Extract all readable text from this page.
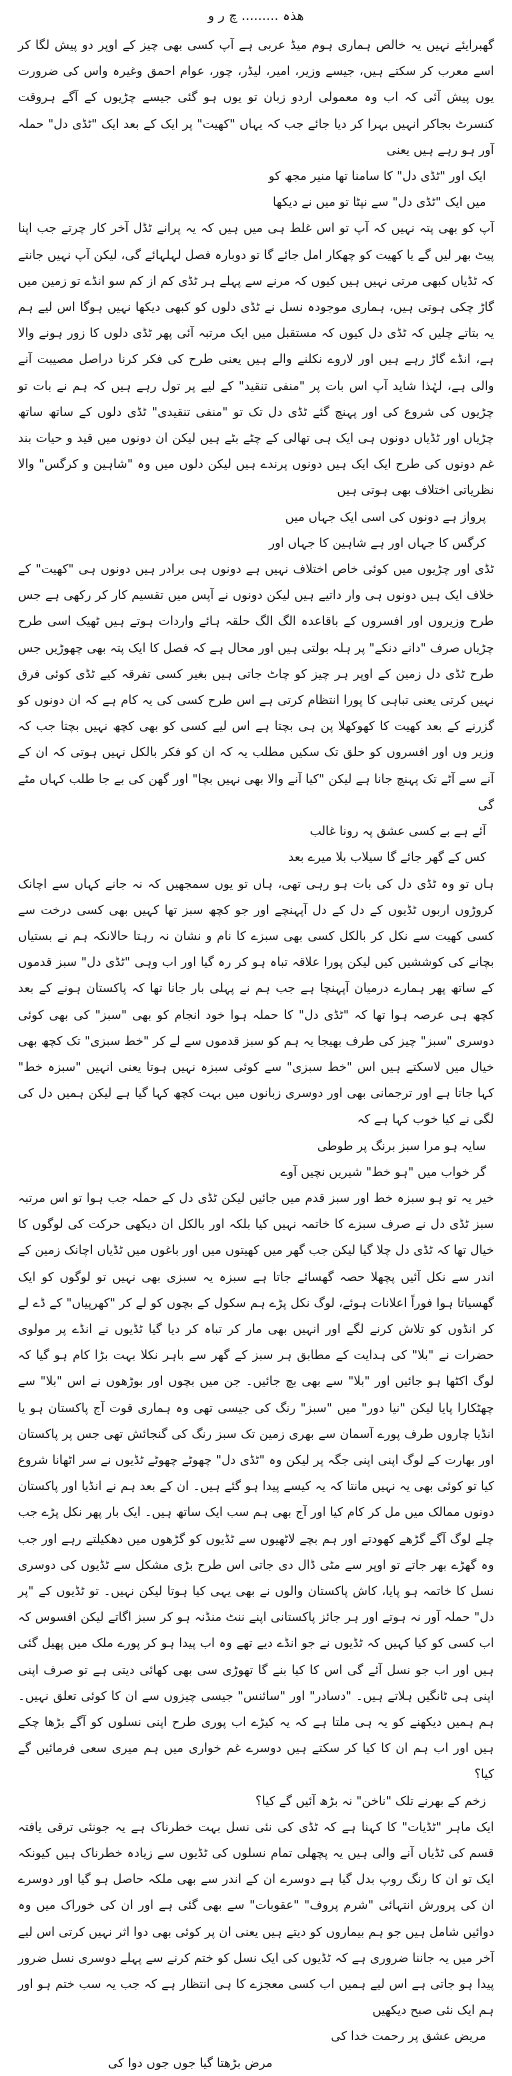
ھذہ ......... چ ر و
گھبرایئے نہیں یہ خالص ہماری ہوم میڈ عربی ہے آپ کسی بھی چیز کے اوپر دو پیش لگا کر اسے معرب کر سکتے ہیں، جیسے وزیر، امیر، لیڈر، چور، عوام احمق وغیرہ واس کی ضرورت یوں پیش آئی کہ اب وہ معمولی اردو زبان تو یوں ہو گئی جیسے چڑیوں کے آگے ہروقت کنسرٹ بجاکر انہیں بہرا کر دیا جائے جب کہ یہاں "کھیت" پر ایک کے بعد ایک "ٹڈی دل" حملہ آور ہو رہے ہیں یعنی
ایک اور "ٹڈی دل" کا سامنا تھا منیر مجھ کو
میں ایک "ٹڈی دل" سے نپٹا تو میں نے دیکھا
آپ کو بھی پتہ نہیں کہ آپ تو اس غلط ہی میں ہیں کہ یہ پرانے ٹڈل آخر کار چرتے جب اپنا پیٹ بھر لیں گے یا کھیت کو چھکار امل جائے گا تو دوبارہ فصل لہلہائے گی، لیکن آپ نہیں جانتے کہ ٹڈیاں کبھی مرتی نہیں ہیں کیوں کہ مرنے سے پہلے ہر ٹڈی کم از کم سو انڈے تو زمین میں گاڑ چکی ہوتی ہیں، ہماری موجودہ نسل نے ٹڈی دلوں کو کبھی دیکھا نہیں ہوگا اس لیے ہم یہ بتاتے چلیں کہ ٹڈی دل کیوں کہ مستقبل میں ایک مرتبہ آئی پھر ٹڈی دلوں کا زور ہونے والا ہے، انڈے گاڑ رہے ہیں اور لاروے نکلنے والے ہیں یعنی طرح کی فکر کرنا دراصل مصیبت آنے والی ہے، لہٰذا شاید آپ اس بات پر "منفی تنقید" کے لیے پر تول رہے ہیں کہ ہم نے بات تو چڑیوں کی شروع کی اور پہنچ گئے ٹڈی دل تک تو "منفی تنقیدی" ٹڈی دلوں کے ساتھ ساتھ چڑیاں اور ٹڈیاں دونوں ہی ایک ہی تھالی کے چٹے بٹے ہیں لیکن ان دونوں میں قید و حیات بند غم دونوں کی طرح ایک ایک ہیں دونوں پرندے ہیں لیکن دلوں میں وہ "شاہین و کرگس" والا نظریاتی اختلاف بھی ہوتی ہیں
پرواز ہے دونوں کی اسی ایک جہاں میں
کرگس کا جہاں اور ہے شاہین کا جہاں اور
ٹڈی اور چڑیوں میں کوئی خاص اختلاف نہیں ہے دونوں ہی برادر ہیں دونوں ہی "کھیت" کے خلاف ایک ہیں دونوں ہی وار داتیے ہیں لیکن دونوں نے آپس میں تقسیم کار کر رکھی ہے جس طرح وزیروں اور افسروں کے باقاعدہ الگ الگ حلقہ ہائے واردات ہوتے ہیں ٹھیک اسی طرح چڑیاں صرف "دانے دنکے" پر ہلہ بولتی ہیں اور محال ہے کہ فصل کا ایک پتہ بھی چھوڑیں جس طرح ٹڈی دل زمین کے اوپر ہر چیز کو چاٹ جاتی ہیں بغیر کسی تفرقہ کیے ٹڈی کوئی فرق نہیں کرتی یعنی تباہی کا پورا انتظام کرتی ہے اس طرح کسی کی یہ کام ہے کہ ان دونوں کو گزرنے کے بعد کھیت کا کھوکھلا پن ہی بچتا ہے اس لیے کسی کو بھی کچھ نہیں بچتا جب کہ وزیر وں اور افسروں کو حلق تک سکیں مطلب یہ کہ ان کو فکر بالکل نہیں ہوتی کہ ان کے آنے سے آٹے تک پہنچ جانا ہے لیکن "کیا آنے والا بھی نہیں بچا" اور گھن کی بے جا طلب کہاں مٹے گی
آئے ہے بے کسی عشق پہ رونا غالب
کس کے گھر جائے گا سیلاب بلا میرے بعد
ہاں تو وہ ٹڈی دل کی بات ہو رہی تھی، ہاں تو یوں سمجھیں کہ نہ جانے کہاں سے اچانک کروڑوں اربوں ٹڈیوں کے دل کے دل آپہنچے اور جو کچھ سبز تھا کہیں بھی کسی درخت سے کسی کھیت سے نکل کر بالکل کسی بھی سبزے کا نام و نشان نہ رہتا حالانکہ ہم نے بستیاں بچانے کی کوششیں کیں لیکن پورا علاقہ تباہ ہو کر رہ گیا اور اب وہی "ٹڈی دل" سبز قدموں کے ساتھ پھر ہمارے درمیان آپہنچا ہے جب ہم نے پہلی بار جانا تھا کہ پاکستان ہونے کے بعد کچھ ہی عرصہ ہوا تھا کہ "ٹڈی دل" کا حملہ ہوا خود انجام کو بھی "سبز" کی بھی کوئی دوسری "سبز" چیز کی طرف بھیجا یہ ہم کو سبز قدموں سے لے کر "خط سبزی" تک کچھ بھی خیال میں لاسکتے ہیں اس "خط سبزی" سے کوئی سبزہ نہیں ہوتا یعنی انہیں "سبزہ خط" کہا جاتا ہے اور ترجمانی بھی اور دوسری زبانوں میں بہت کچھ کہا گیا ہے لیکن ہمیں دل کی لگی نے کیا خوب کہا ہے کہ
سایہ ہو مرا سبز برنگ پر طوطی
گر خواب میں "ہو خط" شیریں نچیں آوے
خیر یہ تو ہو سبزہ خط اور سبز قدم میں جائیں لیکن ٹڈی دل کے حملہ جب ہوا تو اس مرتبہ سبز ٹڈی دل نے صرف سبزے کا خاتمہ نہیں کیا بلکہ اور بالکل ان دیکھی حرکت کی لوگوں کا خیال تھا کہ ٹڈی دل چلا گیا لیکن جب گھر میں کھیتوں میں اور باغوں میں ٹڈیاں اچانک زمین کے اندر سے نکل آئیں پچھلا حصہ گھسائے جاتا ہے سبزہ یہ سبزی بھی نہیں تو لوگوں کو ایک گھسیاتا ہوا فوراً اعلانات ہوئے، لوگ نکل پڑے ہم سکول کے بچوں کو لے کر "کھرپیاں" کے ڈے لے کر انڈوں کو تلاش کرنے لگے اور انہیں بھی مار کر تباہ کر دیا گیا ٹڈیوں نے انڈے پر مولوی حضرات نے "بلا" کی ہدایت کے مطابق ہر سبز کے گھر سے باہر نکلا بہت بڑا کام ہو گیا کہ لوگ اکٹھا ہو جائیں اور "بلا" سے بھی بچ جائیں۔ جن میں بچوں اور بوڑھوں نے اس "بلا" سے چھٹکارا پایا لیکن "نیا دور" میں "سبز" رنگ کی جیسی تھی وہ ہماری قوت آج پاکستان ہو یا انڈیا چاروں طرف پورے آسمان سے بھری زمین تک سبز رنگ کی گنجائش تھی جس پر پاکستان اور بھارت کے لوگ اپنی اپنی جگہ پر لیکن وہ "ٹڈی دل" چھوٹے چھوٹے ٹڈیوں نے سر اٹھانا شروع کیا تو کوئی بھی یہ نہیں مانتا کہ یہ کیسے پیدا ہو گئے ہیں۔ ان کے بعد ہم نے انڈیا اور پاکستان دونوں ممالک میں مل کر کام کیا اور آج بھی ہم سب ایک ساتھ ہیں۔ ایک بار پھر نکل پڑے جب چلے لوگ آگے گڑھے کھودتے اور ہم بچے لاٹھیوں سے ٹڈیوں کو گڑھوں میں دھکیلتے رہے اور جب وہ گھڑے بھر جاتے تو اوپر سے مٹی ڈال دی جاتی اس طرح بڑی مشکل سے ٹڈیوں کی دوسری نسل کا خاتمہ ہو پایا، کاش پاکستان والوں نے بھی یہی کیا ہوتا لیکن نہیں۔ تو ٹڈیوں کے "پر دل" حملہ آور نہ ہوتے اور ہر جائز پاکستانی اپنے ننٹ منڈنہ ہو کر سبز اگاتے لیکن افسوس کہ اب کسی کو کیا کہیں کہ ٹڈیوں نے جو انڈے دیے تھے وہ اب پیدا ہو کر پورے ملک میں پھیل گئی ہیں اور اب جو نسل آئے گی اس کا کیا بنے گا تھوڑی سی بھی کھائی دیتی ہے تو صرف اپنی اپنی ہی ٹانگیں ہلاتے ہیں۔ "دسادر" اور "سائنس" جیسی چیزوں سے ان کا کوئی تعلق نہیں۔ ہم ہمیں دیکھنے کو یہ ہی ملتا ہے کہ یہ کیڑے اب پوری طرح اپنی نسلوں کو آگے بڑھا چکے ہیں اور اب ہم ان کا کیا کر سکتے ہیں دوسرے غم خواری میں ہم میری سعی فرمائیں گے کیا؟
زخم کے بھرنے تلک "ناخن" نہ بڑھ آئیں گے کیا؟
ایک ماہر "ٹڈیات" کا کہنا ہے کہ ٹڈی کی نئی نسل بہت خطرناک ہے یہ جونئی ترقی یافتہ قسم کی ٹڈیاں آنے والی ہیں یہ پچھلی تمام نسلوں کی ٹڈیوں سے زیادہ خطرناک ہیں کیونکہ ایک تو ان کا رنگ روپ بدل گیا ہے دوسرے ان کے اندر سے بھی ملکہ حاصل ہو گیا اور دوسرے ان کی پرورش انتہائی "شرم پروف" "عقوبات" سے بھی گئی ہے اور ان کی خوراک میں وہ دوائیں شامل ہیں جو ہم بیماروں کو دیتے ہیں یعنی ان پر کوئی بھی دوا اثر نہیں کرتی اس لیے آخر میں یہ جاننا ضروری ہے کہ ٹڈیوں کی ایک نسل کو ختم کرنے سے پہلے دوسری نسل ضرور پیدا ہو جاتی ہے اس لیے ہمیں اب کسی معجزے کا ہی انتظار ہے کہ جب یہ سب ختم ہو اور ہم ایک نئی صبح دیکھیں
مریض عشق پر رحمت خدا کی
مرض بڑھتا گیا جوں جوں دوا کی
